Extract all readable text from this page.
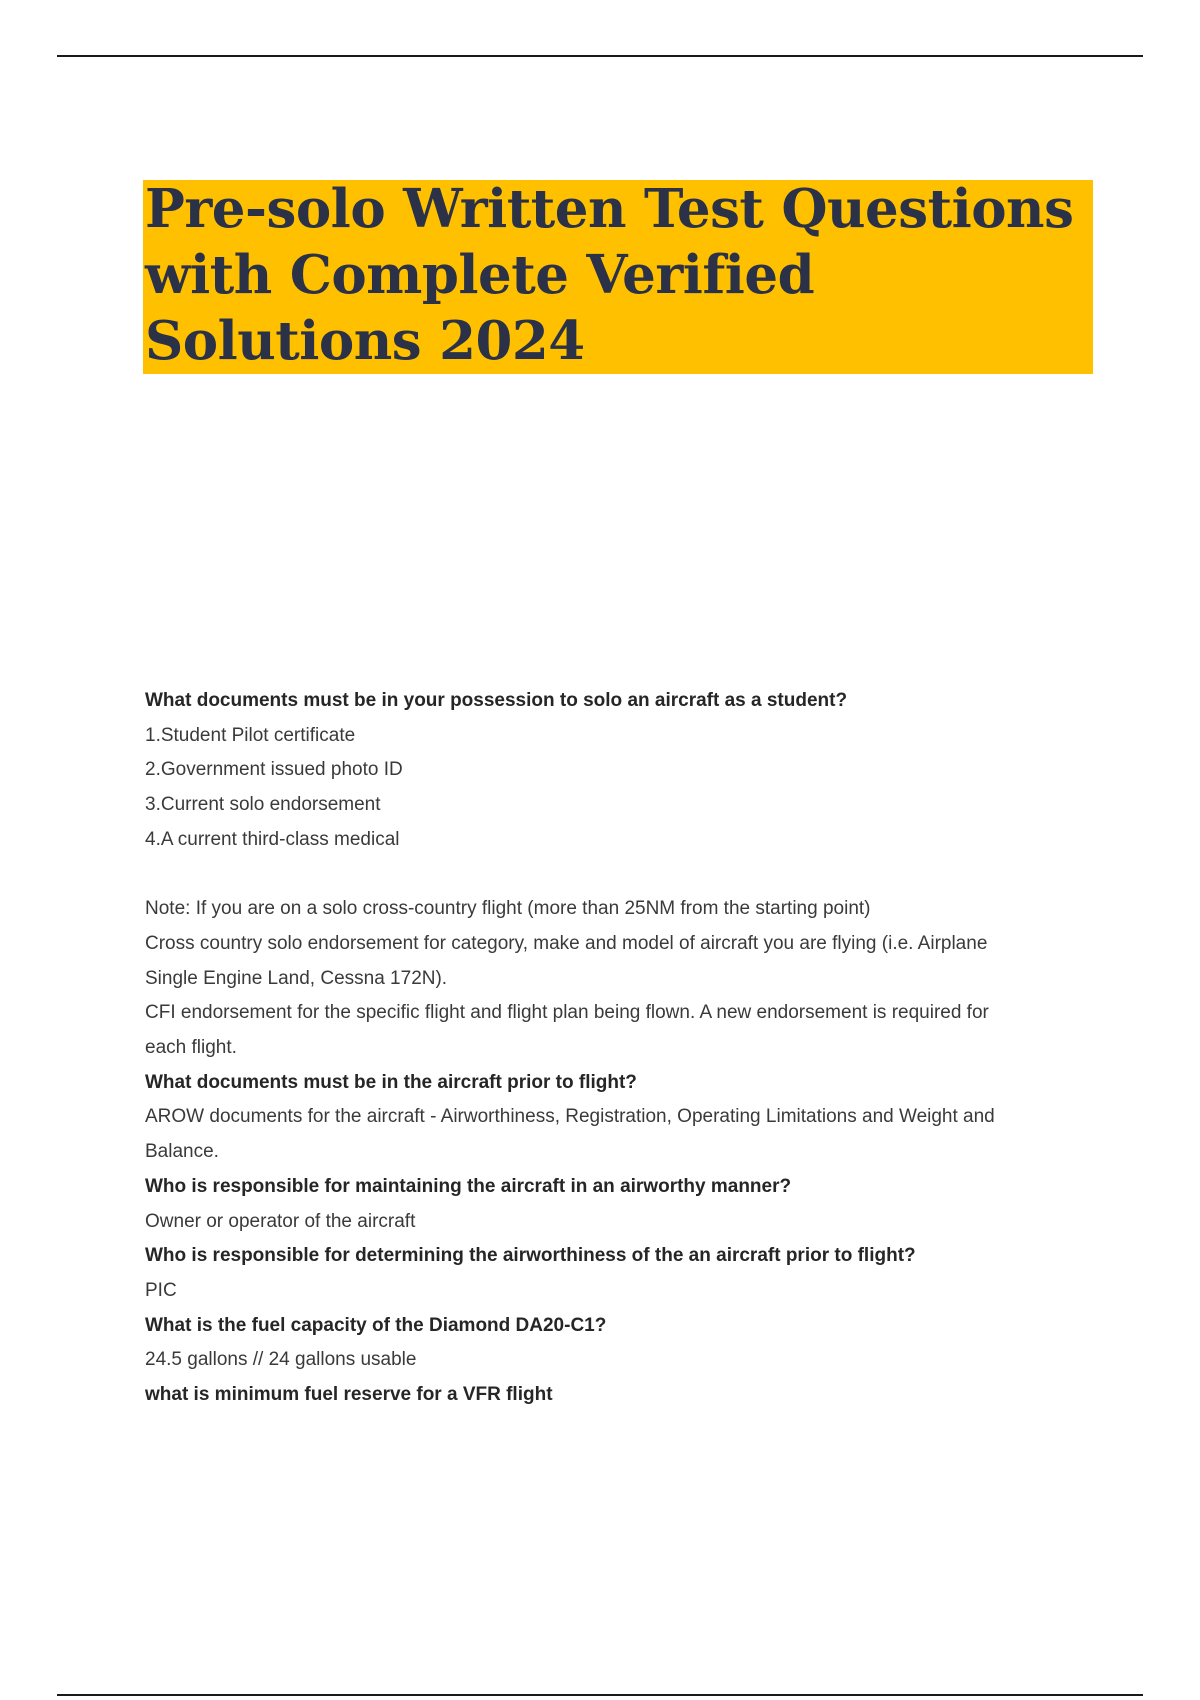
Pre-solo Written Test Questions
with Complete Verified
Solutions 2024
What documents must be in your possession to solo an aircraft as a student?
1.Student Pilot certificate
2.Government issued photo ID
3.Current solo endorsement
4.A current third-class medical
Note: If you are on a solo cross-country flight (more than 25NM from the starting point)
Cross country solo endorsement for category, make and model of aircraft you are flying (i.e. Airplane
Single Engine Land, Cessna 172N).
CFI endorsement for the specific flight and flight plan being flown. A new endorsement is required for
each flight.
What documents must be in the aircraft prior to flight?
AROW documents for the aircraft - Airworthiness, Registration, Operating Limitations and Weight and
Balance.
Who is responsible for maintaining the aircraft in an airworthy manner?
Owner or operator of the aircraft
Who is responsible for determining the airworthiness of the an aircraft prior to flight?
PIC
What is the fuel capacity of the Diamond DA20-C1?
24.5 gallons // 24 gallons usable
what is minimum fuel reserve for a VFR flight
